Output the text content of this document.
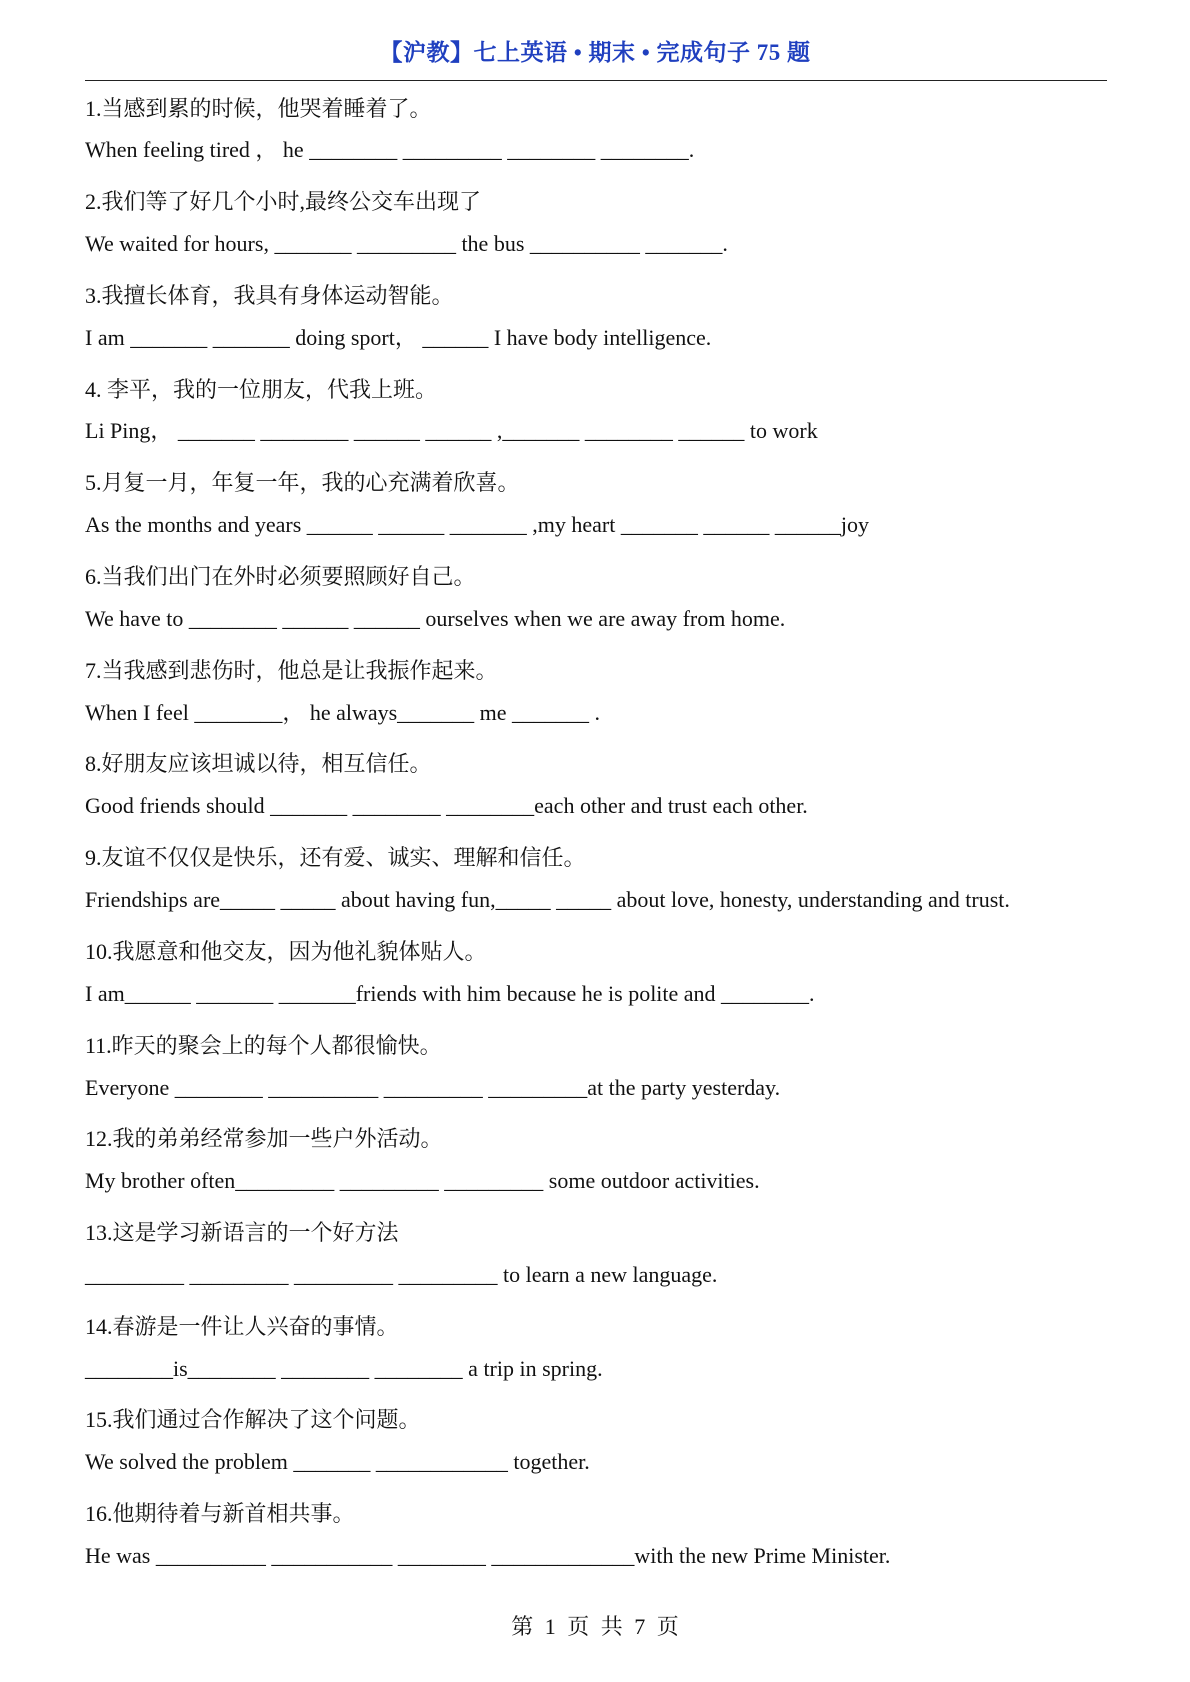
【沪教】七上英语 • 期末 • 完成句子 75 题
1.当感到累的时候，他哭着睡着了。
When feeling tired ， he ________ _________ ________ ________.
2.我们等了好几个小时,最终公交车出现了
We waited for hours, _______ _________ the bus __________ _______.
3.我擅长体育，我具有身体运动智能。
I am _______ _______ doing sport， ______ I have body intelligence.
4. 李平，我的一位朋友，代我上班。
Li Ping， _______ ________ ______ ______ ,_______ ________ ______ to work
5.月复一月，年复一年，我的心充满着欣喜。
As the months and years ______ ______ _______ ,my heart _______ ______ ______joy
6.当我们出门在外时必须要照顾好自己。
We have to ________ ______ ______ ourselves when we are away from home.
7.当我感到悲伤时，他总是让我振作起来。
When I feel ________， he always_______ me _______ .
8.好朋友应该坦诚以待，相互信任。
Good friends should _______ ________ ________each other and trust each other.
9.友谊不仅仅是快乐，还有爱、诚实、理解和信任。
Friendships are_____ _____ about having fun,_____ _____ about love, honesty, understanding and trust.
10.我愿意和他交友，因为他礼貌体贴人。
I am______ _______ _______friends with him because he is polite and ________.
11.昨天的聚会上的每个人都很愉快。
Everyone ________ __________ _________ _________at the party yesterday.
12.我的弟弟经常参加一些户外活动。
My brother often_________ _________ _________ some outdoor activities.
13.这是学习新语言的一个好方法
_________ _________ _________ _________ to learn a new language.
14.春游是一件让人兴奋的事情。
________is________ ________ ________ a trip in spring.
15.我们通过合作解决了这个问题。
We solved the problem _______ ____________ together.
16.他期待着与新首相共事。
He was __________ ___________ ________ _____________with the new Prime Minister.
第 1 页 共 7 页
